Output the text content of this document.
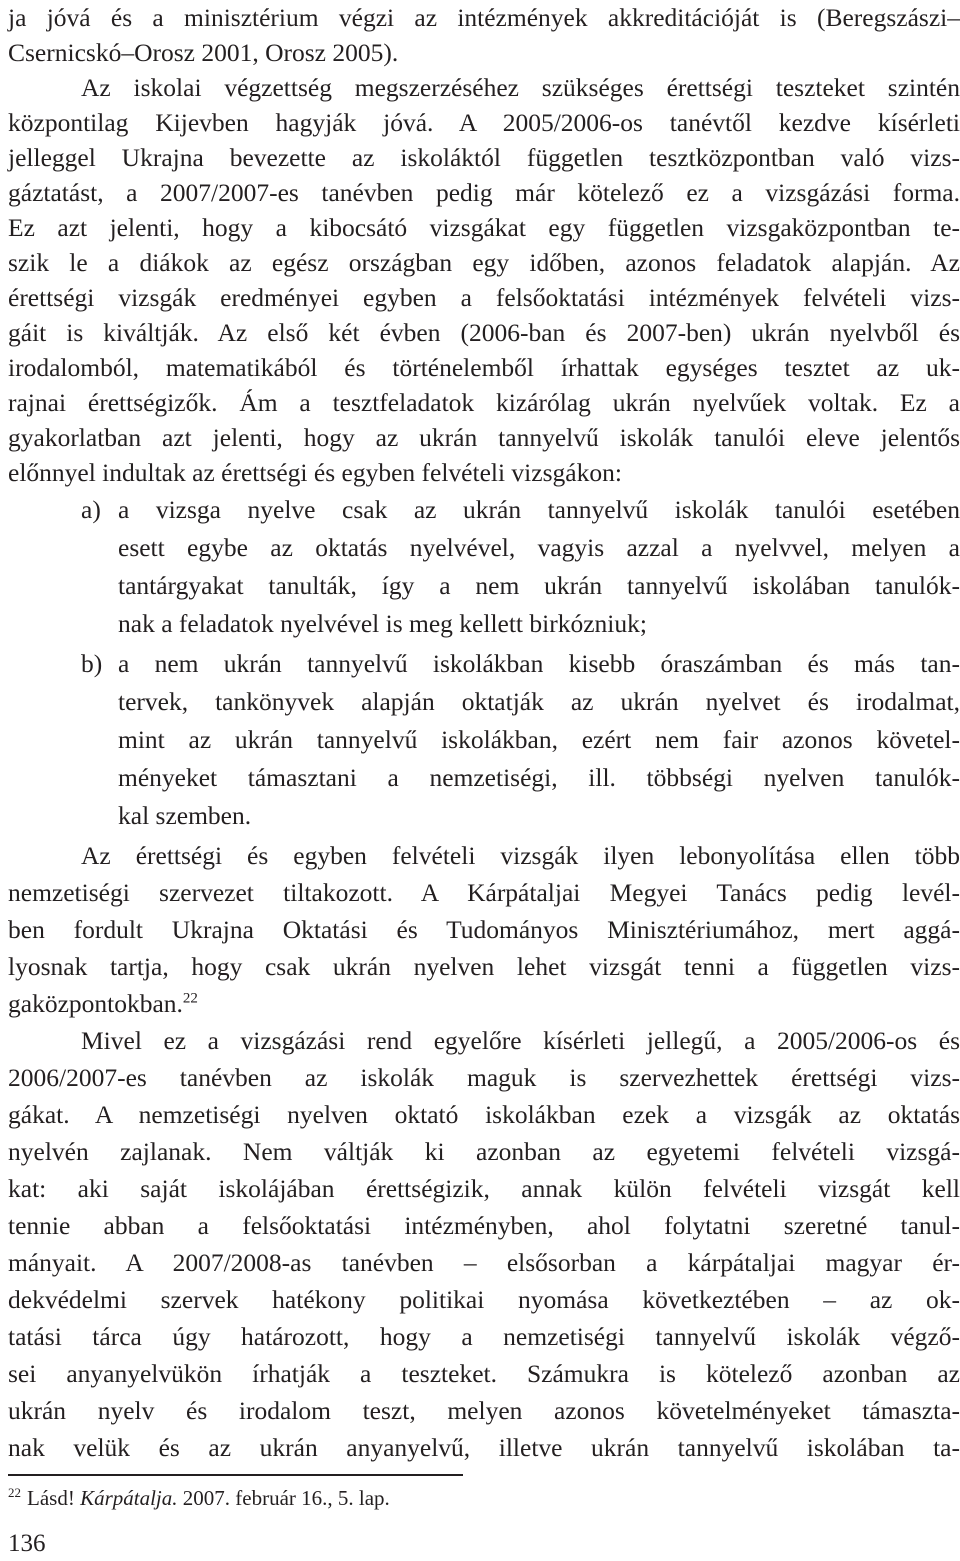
ja jóvá és a minisztérium végzi az intézmények akkreditációját is (Beregszászi–
Csernicskó–Orosz 2001, Orosz 2005).
Az iskolai végzettség megszerzéséhez szükséges érettségi teszteket szintén
központilag Kijevben hagyják jóvá. A 2005/2006-os tanévtől kezdve kísérleti
jelleggel Ukrajna bevezette az iskoláktól független tesztközpontban való vizs-
gáztatást, a 2007/2007-es tanévben pedig már kötelező ez a vizsgázási forma.
Ez azt jelenti, hogy a kibocsátó vizsgákat egy független vizsgaközpontban te-
szik le a diákok az egész országban egy időben, azonos feladatok alapján. Az
érettségi vizsgák eredményei egyben a felsőoktatási intézmények felvételi vizs-
gáit is kiváltják. Az első két évben (2006-ban és 2007-ben) ukrán nyelvből és
irodalomból, matematikából és történelemből írhattak egységes tesztet az uk-
rajnai érettségizők. Ám a tesztfeladatok kizárólag ukrán nyelvűek voltak. Ez a
gyakorlatban azt jelenti, hogy az ukrán tannyelvű iskolák tanulói eleve jelentős
előnnyel indultak az érettségi és egyben felvételi vizsgákon:
a) a vizsga nyelve csak az ukrán tannyelvű iskolák tanulói esetében
esett egybe az oktatás nyelvével, vagyis azzal a nyelvvel, melyen a
tantárgyakat tanulták, így a nem ukrán tannyelvű iskolában tanulók-
nak a feladatok nyelvével is meg kellett birkózniuk;
b) a nem ukrán tannyelvű iskolákban kisebb óraszámban és más tan-
tervek, tankönyvek alapján oktatják az ukrán nyelvet és irodalmat,
mint az ukrán tannyelvű iskolákban, ezért nem fair azonos követel-
ményeket támasztani a nemzetiségi, ill. többségi nyelven tanulók-
kal szemben.
Az érettségi és egyben felvételi vizsgák ilyen lebonyolítása ellen több
nemzetiségi szervezet tiltakozott. A Kárpátaljai Megyei Tanács pedig levél-
ben fordult Ukrajna Oktatási és Tudományos Minisztériumához, mert aggá-
lyosnak tartja, hogy csak ukrán nyelven lehet vizsgát tenni a független vizs-
gaközpontokban.$^{22}$
Mivel ez a vizsgázási rend egyelőre kísérleti jellegű, a 2005/2006-os és
2006/2007-es tanévben az iskolák maguk is szervezhettek érettségi vizs-
gákat. A nemzetiségi nyelven oktató iskolákban ezek a vizsgák az oktatás
nyelvén zajlanak. Nem váltják ki azonban az egyetemi felvételi vizsgá-
kat: aki saját iskolájában érettségizik, annak külön felvételi vizsgát kell
tennie abban a felsőoktatási intézményben, ahol folytatni szeretné tanul-
mányait. A 2007/2008-as tanévben – elsősorban a kárpátaljai magyar ér-
dekvédelmi szervek hatékony politikai nyomása következtében – az ok-
tatási tárca úgy határozott, hogy a nemzetiségi tannyelvű iskolák végző-
sei anyanyelvükön írhatják a teszteket. Számukra is kötelező azonban az
ukrán nyelv és irodalom teszt, melyen azonos követelményeket támaszta-
nak velük és az ukrán anyanyelvű, illetve ukrán tannyelvű iskolában ta-
$^{22}$ Lásd! Kárpátalja. 2007. február 16., 5. lap.
136
